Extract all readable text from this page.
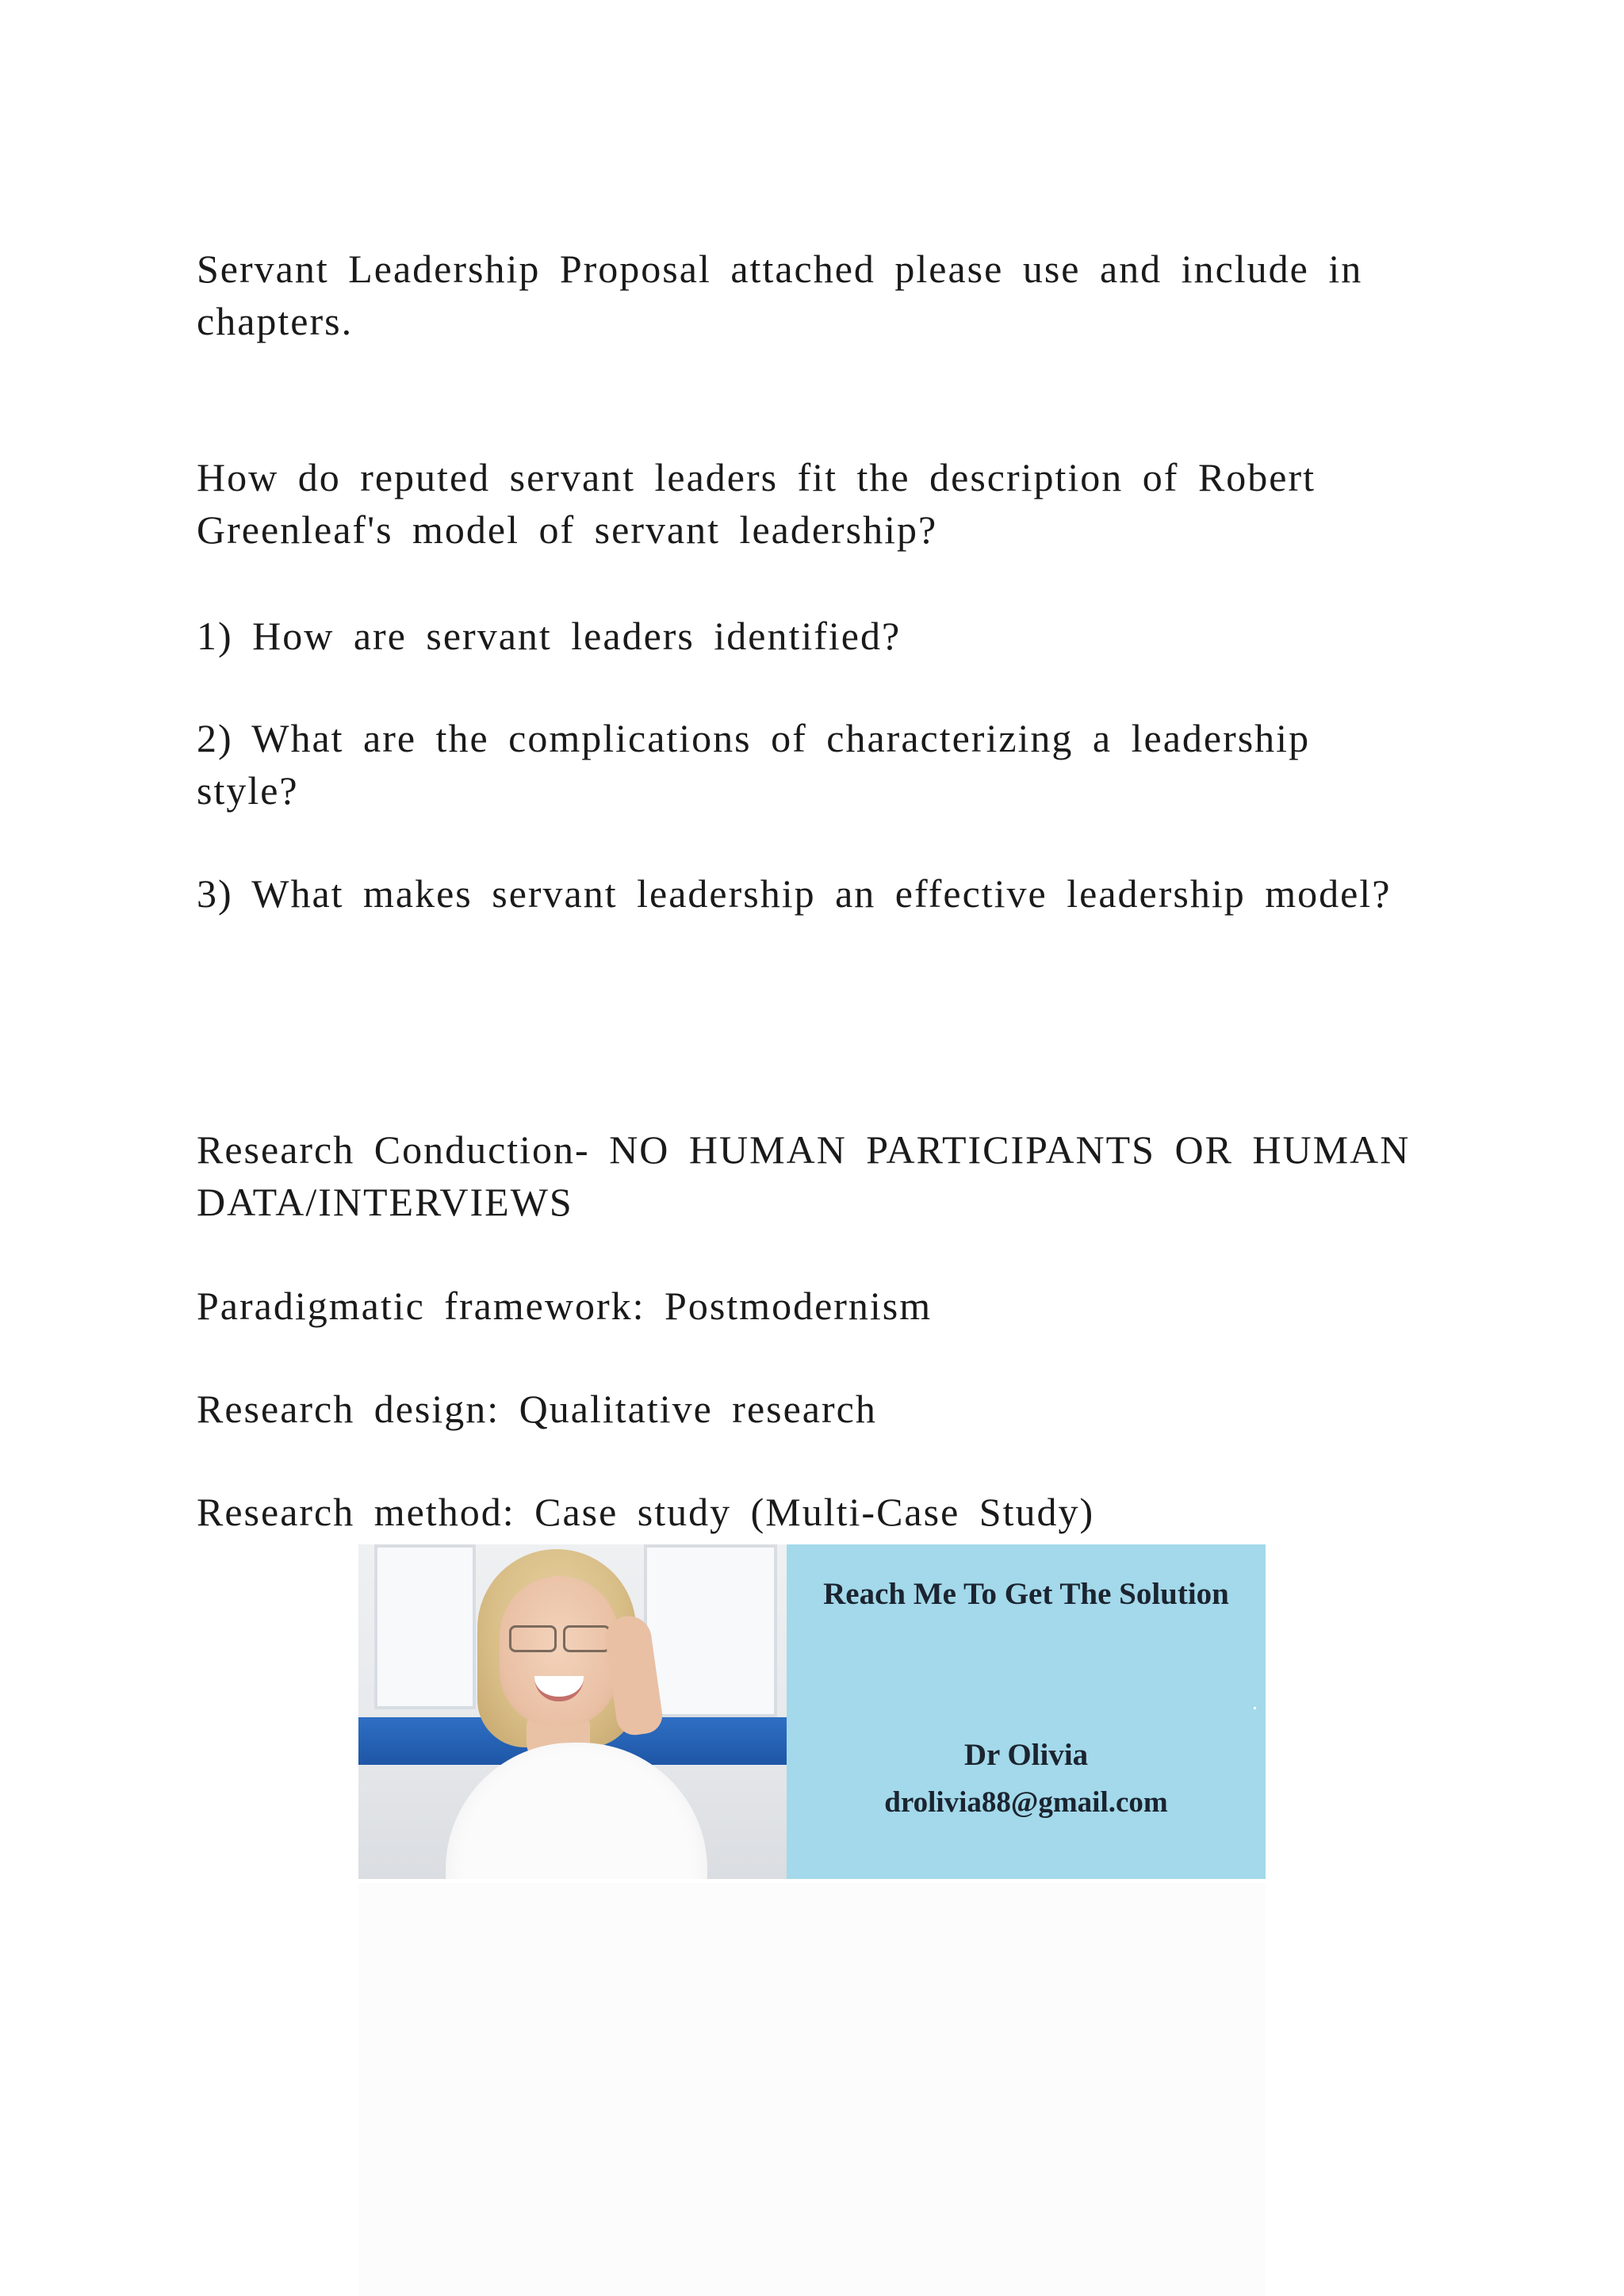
Servant Leadership Proposal attached please use and include in chapters.

How do reputed servant leaders fit the description of Robert Greenleaf's model of servant leadership?

1) How are servant leaders identified?

2) What are the complications of characterizing a leadership style?

3) What makes servant leadership an effective leadership model?

Research Conduction- NO HUMAN PARTICIPANTS OR HUMAN DATA/INTERVIEWS

Paradigmatic framework: Postmodernism

Research design: Qualitative research

Research method: Case study (Multi-Case Study)

Reach Me To Get The Solution
Dr Olivia
drolivia88@gmail.com
